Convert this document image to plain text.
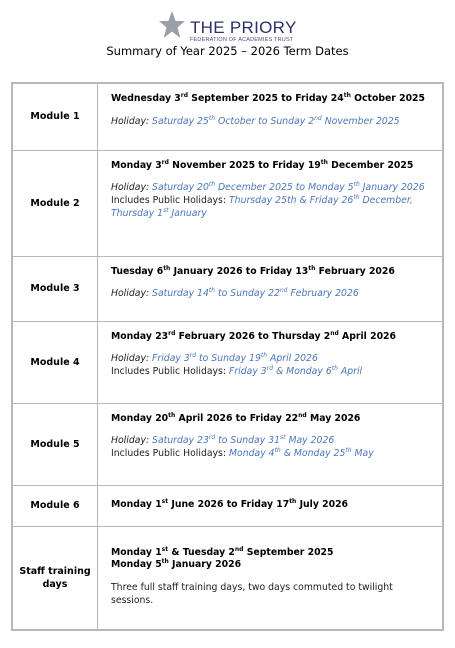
THE PRIORY
FEDERATION OF ACADEMIES TRUST
Summary of Year 2025 – 2026 Term Dates
Module 1	Wednesday 3rd September 2025 to Friday 24th October 2025
Holiday: Saturday 25th October to Sunday 2nd November 2025

Module 2	Monday 3rd November 2025 to Friday 19th December 2025
Holiday: Saturday 20th December 2025 to Monday 5th January 2026
Includes Public Holidays: Thursday 25th & Friday 26th December, Thursday 1st January

Module 3	Tuesday 6th January 2026 to Friday 13th February 2026
Holiday: Saturday 14th to Sunday 22nd February 2026

Module 4	Monday 23rd February 2026 to Thursday 2nd April 2026
Holiday: Friday 3rd to Sunday 19th April 2026
Includes Public Holidays: Friday 3rd & Monday 6th April

Module 5	Monday 20th April 2026 to Friday 22nd May 2026
Holiday: Saturday 23rd to Sunday 31st May 2026
Includes Public Holidays: Monday 4th & Monday 25th May

Module 6	Monday 1st June 2026 to Friday 17th July 2026

Staff training days	Monday 1st & Tuesday 2nd September 2025
Monday 5th January 2026
Three full staff training days, two days commuted to twilight sessions.
